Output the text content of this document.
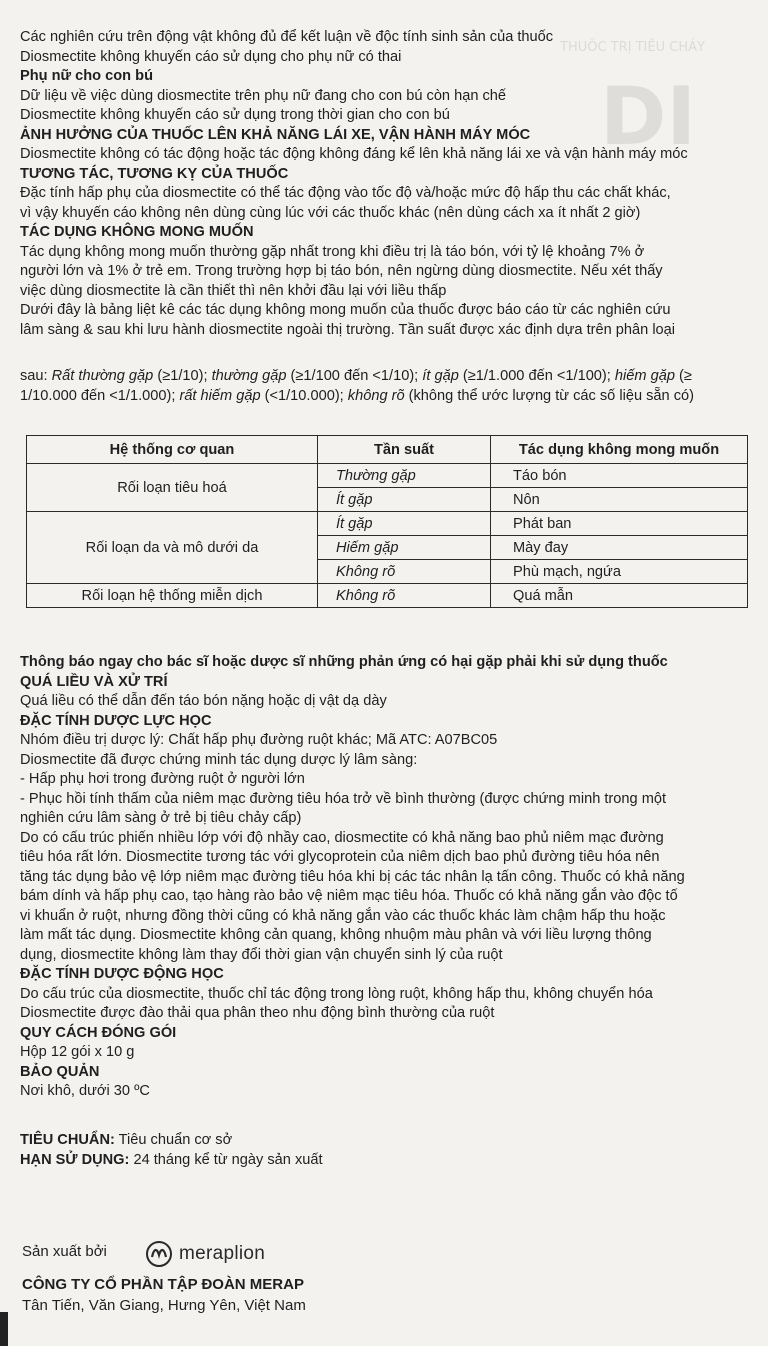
DI
THUỐC TRỊ TIÊU CHẢY
Các nghiên cứu trên động vật không đủ để kết luận về độc tính sinh sản của thuốc
Diosmectite không khuyến cáo sử dụng cho phụ nữ có thai
Phụ nữ cho con bú
Dữ liệu về việc dùng diosmectite trên phụ nữ đang cho con bú còn hạn chế
Diosmectite không khuyến cáo sử dụng trong thời gian cho con bú
ẢNH HƯỞNG CỦA THUỐC LÊN KHẢ NĂNG LÁI XE, VẬN HÀNH MÁY MÓC
Diosmectite không có tác động hoặc tác động không đáng kể lên khả năng lái xe và vận hành máy móc
TƯƠNG TÁC, TƯƠNG KỴ CỦA THUỐC
Đặc tính hấp phụ của diosmectite có thể tác động vào tốc độ và/hoặc mức độ hấp thu các chất khác,
vì vậy khuyến cáo không nên dùng cùng lúc với các thuốc khác (nên dùng cách xa ít nhất 2 giờ)
TÁC DỤNG KHÔNG MONG MUỐN
Tác dụng không mong muốn thường gặp nhất trong khi điều trị là táo bón, với tỷ lệ khoảng 7% ở
người lớn và 1% ở trẻ em. Trong trường hợp bị táo bón, nên ngừng dùng diosmectite. Nếu xét thấy
việc dùng diosmectite là cần thiết thì nên khởi đầu lại với liều thấp
Dưới đây là bảng liệt kê các tác dụng không mong muốn của thuốc được báo cáo từ các nghiên cứu
lâm sàng & sau khi lưu hành diosmectite ngoài thị trường. Tần suất được xác định dựa trên phân loại
sau: Rất thường gặp (≥1/10); thường gặp (≥1/100 đến <1/10); ít gặp (≥1/1.000 đến <1/100); hiếm gặp (≥
1/10.000 đến <1/1.000); rất hiếm gặp (<1/10.000); không rõ (không thể ước lượng từ các số liệu sẵn có)
Hệ thống cơ quan	Tần suất	Tác dụng không mong muốn
Rối loạn tiêu hoá	Thường gặp	Táo bón
	Ít gặp	Nôn
Rối loạn da và mô dưới da	Ít gặp	Phát ban
	Hiếm gặp	Mày đay
	Không rõ	Phù mạch, ngứa
Rối loạn hệ thống miễn dịch	Không rõ	Quá mẫn
Thông báo ngay cho bác sĩ hoặc dược sĩ những phản ứng có hại gặp phải khi sử dụng thuốc
QUÁ LIỀU VÀ XỬ TRÍ
Quá liều có thể dẫn đến táo bón nặng hoặc dị vật dạ dày
ĐẶC TÍNH DƯỢC LỰC HỌC
Nhóm điều trị dược lý: Chất hấp phụ đường ruột khác; Mã ATC: A07BC05
Diosmectite đã được chứng minh tác dụng dược lý lâm sàng:
- Hấp phụ hơi trong đường ruột ở người lớn
- Phục hồi tính thấm của niêm mạc đường tiêu hóa trở về bình thường (được chứng minh trong một
nghiên cứu lâm sàng ở trẻ bị tiêu chảy cấp)
Do có cấu trúc phiến nhiều lớp với độ nhầy cao, diosmectite có khả năng bao phủ niêm mạc đường
tiêu hóa rất lớn. Diosmectite tương tác với glycoprotein của niêm dịch bao phủ đường tiêu hóa nên
tăng tác dụng bảo vệ lớp niêm mạc đường tiêu hóa khi bị các tác nhân lạ tấn công. Thuốc có khả năng
bám dính và hấp phụ cao, tạo hàng rào bảo vệ niêm mạc tiêu hóa. Thuốc có khả năng gắn vào độc tố
vi khuẩn ở ruột, nhưng đồng thời cũng có khả năng gắn vào các thuốc khác làm chậm hấp thu hoặc
làm mất tác dụng. Diosmectite không cản quang, không nhuộm màu phân và với liều lượng thông
dụng, diosmectite không làm thay đổi thời gian vận chuyển sinh lý của ruột
ĐẶC TÍNH DƯỢC ĐỘNG HỌC
Do cấu trúc của diosmectite, thuốc chỉ tác động trong lòng ruột, không hấp thu, không chuyển hóa
Diosmectite được đào thải qua phân theo nhu động bình thường của ruột
QUY CÁCH ĐÓNG GÓI
Hộp 12 gói x 10 g
BẢO QUẢN
Nơi khô, dưới 30 ºC
TIÊU CHUẨN: Tiêu chuẩn cơ sở
HẠN SỬ DỤNG: 24 tháng kể từ ngày sản xuất
Sản xuất bởi	meraplion
CÔNG TY CỔ PHẦN TẬP ĐOÀN MERAP
Tân Tiến, Văn Giang, Hưng Yên, Việt Nam
